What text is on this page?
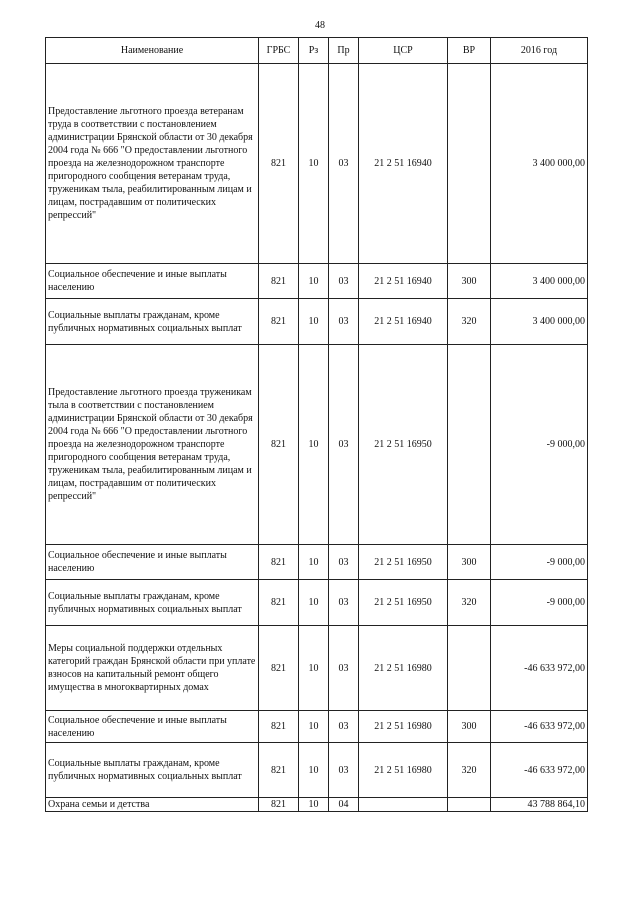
48
Наименование	ГРБС	Рз	Пр	ЦСР	ВР	2016 год
Предоставление льготного проезда ветеранам труда в соответствии с постановлением администрации Брянской области от 30 декабря 2004 года № 666 "О предоставлении льготного проезда на железнодорожном транспорте пригородного сообщения ветеранам труда, труженикам тыла, реабилитированным лицам и лицам, пострадавшим от политических репрессий"	821	10	03	21 2 51 16940		3 400 000,00
Социальное обеспечение и иные выплаты населению	821	10	03	21 2 51 16940	300	3 400 000,00
Социальные выплаты гражданам, кроме публичных нормативных социальных выплат	821	10	03	21 2 51 16940	320	3 400 000,00
Предоставление льготного проезда труженикам тыла в соответствии с постановлением администрации Брянской области от 30 декабря 2004 года № 666 "О предоставлении льготного проезда на железнодорожном транспорте пригородного сообщения ветеранам труда, труженикам тыла, реабилитированным лицам и лицам, пострадавшим от политических репрессий"	821	10	03	21 2 51 16950		-9 000,00
Социальное обеспечение и иные выплаты населению	821	10	03	21 2 51 16950	300	-9 000,00
Социальные выплаты гражданам, кроме публичных нормативных социальных выплат	821	10	03	21 2 51 16950	320	-9 000,00
Меры социальной поддержки отдельных категорий граждан Брянской области при уплате взносов на капитальный ремонт общего имущества в многоквартирных домах	821	10	03	21 2 51 16980		-46 633 972,00
Социальное обеспечение и иные выплаты населению	821	10	03	21 2 51 16980	300	-46 633 972,00
Социальные выплаты гражданам, кроме публичных нормативных социальных выплат	821	10	03	21 2 51 16980	320	-46 633 972,00
Охрана семьи и детства	821	10	04			43 788 864,10
